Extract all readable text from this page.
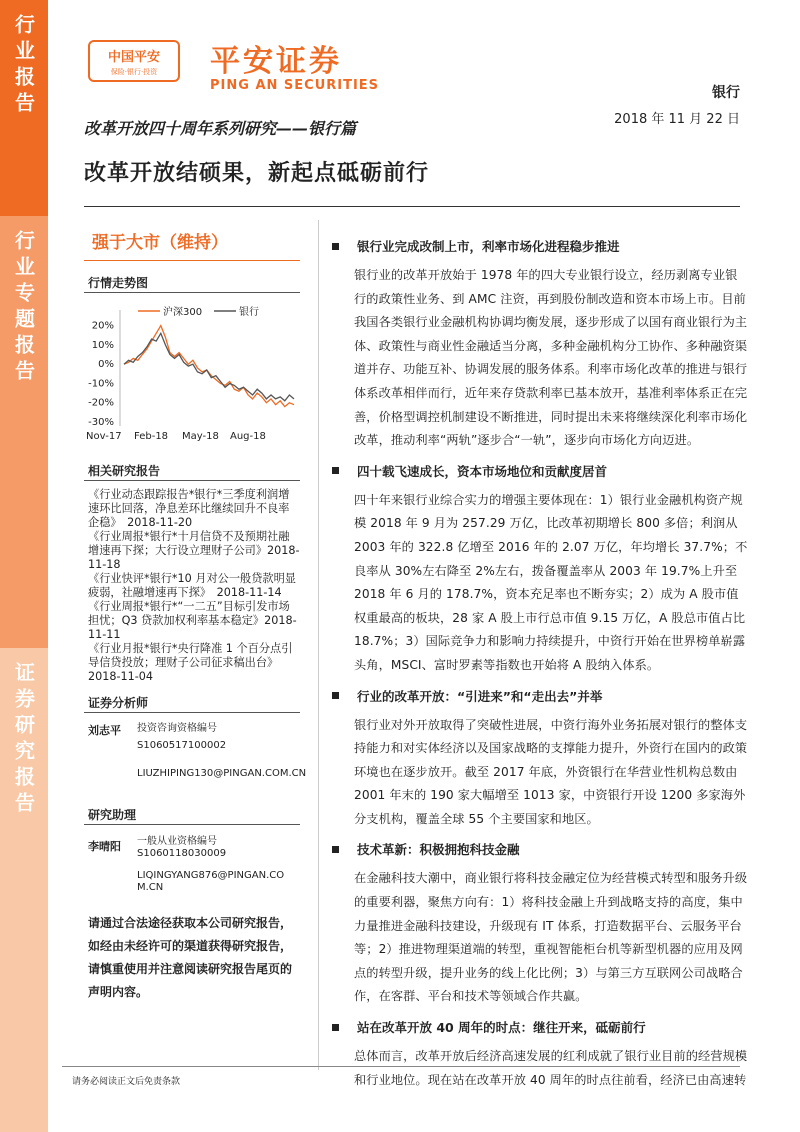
行业报告
行业专题报告
证券研究报告
中国平安
保险·银行·投资 平安证券
PING AN SECURITIES	银行
2018 年 11 月 22 日
改革开放四十周年系列研究——银行篇
改革开放结硕果，新起点砥砺前行
强于大市（维持）
行情走势图
沪深300	银行
20%
10%
0%
-10%
-20%
-30%
Nov-17 Feb-18 May-18 Aug-18
相关研究报告
《行业动态跟踪报告*银行*三季度利润增速环比回落，净息差环比继续回升不良率企稳》　2018-11-20
《行业周报*银行*十月信贷不及预期社融增速再下探；大行设立理财子公司》2018-11-18
《行业快评*银行*10 月对公一般贷款明显疲弱，社融增速再下探》　2018-11-14
《行业周报*银行*“一二五”目标引发市场担忧；Q3 贷款加权利率基本稳定》2018-11-11
《行业月报*银行*央行降准 1 个百分点引导信贷投放；理财子公司征求稿出台》2018-11-04
证券分析师
刘志平 投资咨询资格编号
S1060517100002
LIUZHIPING130@PINGAN.COM.CN
研究助理
李晴阳 一般从业资格编号
S1060118030009
LIQINGYANG876@PINGAN.COM.CN
请通过合法途径获取本公司研究报告，如经由未经许可的渠道获得研究报告，请慎重使用并注意阅读研究报告尾页的声明内容。
银行业完成改制上市，利率市场化进程稳步推进
银行业的改革开放始于 1978 年的四大专业银行设立，经历剥离专业银行的政策性业务、到 AMC 注资，再到股份制改造和资本市场上市。目前我国各类银行业金融机构协调均衡发展，逐步形成了以国有商业银行为主体、政策性与商业性金融适当分离，多种金融机构分工协作、多种融资渠道并存、功能互补、协调发展的服务体系。利率市场化改革的推进与银行体系改革相伴而行，近年来存贷款利率已基本放开，基准利率体系正在完善，价格型调控机制建设不断推进，同时提出未来将继续深化利率市场化改革，推动利率“两轨”逐步合“一轨”，逐步向市场化方向迈进。
四十载飞速成长，资本市场地位和贡献度居首
四十年来银行业综合实力的增强主要体现在：1）银行业金融机构资产规模 2018 年 9 月为 257.29 万亿，比改革初期增长 800 多倍；利润从 2003 年的 322.8 亿增至 2016 年的 2.07 万亿，年均增长 37.7%；不良率从 30%左右降至 2%左右，拨备覆盖率从 2003 年 19.7%上升至 2018 年 6 月的 178.7%，资本充足率也不断夯实；2）成为 A 股市值权重最高的板块，28 家 A 股上市行总市值 9.15 万亿，A 股总市值占比 18.7%；3）国际竞争力和影响力持续提升，中资行开始在世界榜单崭露头角，MSCI、富时罗素等指数也开始将 A 股纳入体系。
行业的改革开放：“引进来”和“走出去”并举
银行业对外开放取得了突破性进展，中资行海外业务拓展对银行的整体支持能力和对实体经济以及国家战略的支撑能力提升，外资行在国内的政策环境也在逐步放开。截至 2017 年底，外资银行在华营业性机构总数由 2001 年末的 190 家大幅增至 1013 家，中资银行开设 1200 多家海外分支机构，覆盖全球 55 个主要国家和地区。
技术革新：积极拥抱科技金融
在金融科技大潮中，商业银行将科技金融定位为经营模式转型和服务升级的重要利器，聚焦方向有：1）将科技金融上升到战略支持的高度，集中力量推进金融科技建设，升级现有 IT 体系，打造数据平台、云服务平台等；2）推进物理渠道端的转型，重视智能柜台机等新型机器的应用及网点的转型升级，提升业务的线上化比例；3）与第三方互联网公司战略合作，在客群、平台和技术等领域合作共赢。
站在改革开放 40 周年的时点：继往开来，砥砺前行
总体而言，改革开放后经济高速发展的红利成就了银行业目前的经营规模和行业地位。现在站在改革开放 40 周年的时点往前看，经济已由高速转
请务必阅读正文后免责条款
